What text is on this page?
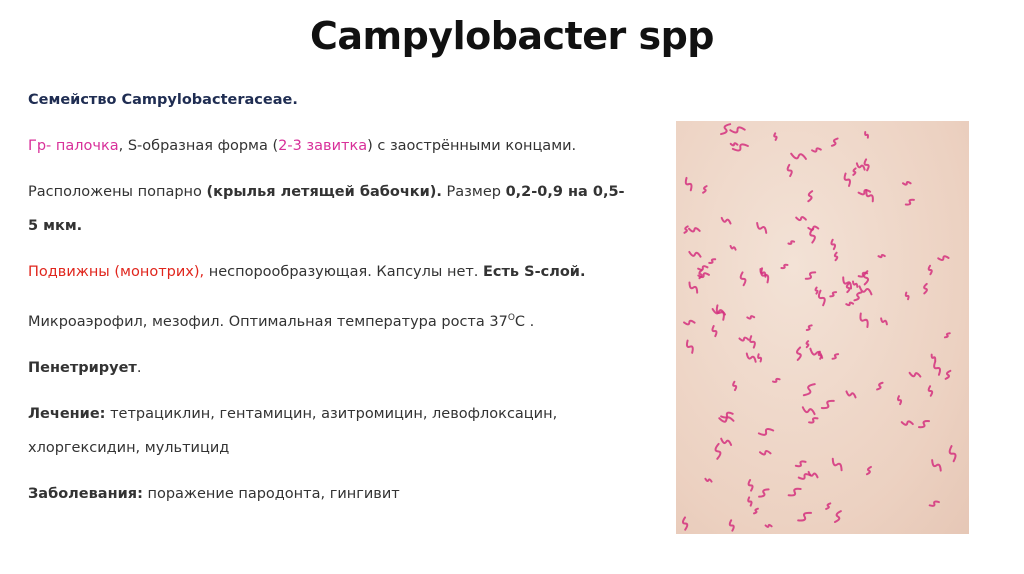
Campylobacter spp

Семейство Campylobacteraceae.

Гр- палочка, S-образная форма (2-3 завитка) с заострёнными концами.

Расположены попарно (крылья летящей бабочки). Размер 0,2-0,9 на 0,5-

5 мкм.

Подвижны (монотрих), неспорообразующая. Капсулы нет. Есть S-слой.

Микроаэрофил, мезофил. Оптимальная температура роста $37^ОС$ .

Пенетрирует.

Лечение: тетрациклин, гентамицин, азитромицин, левофлоксацин,

хлоргексидин, мультицид

Заболевания: поражение пародонта, гингивит
